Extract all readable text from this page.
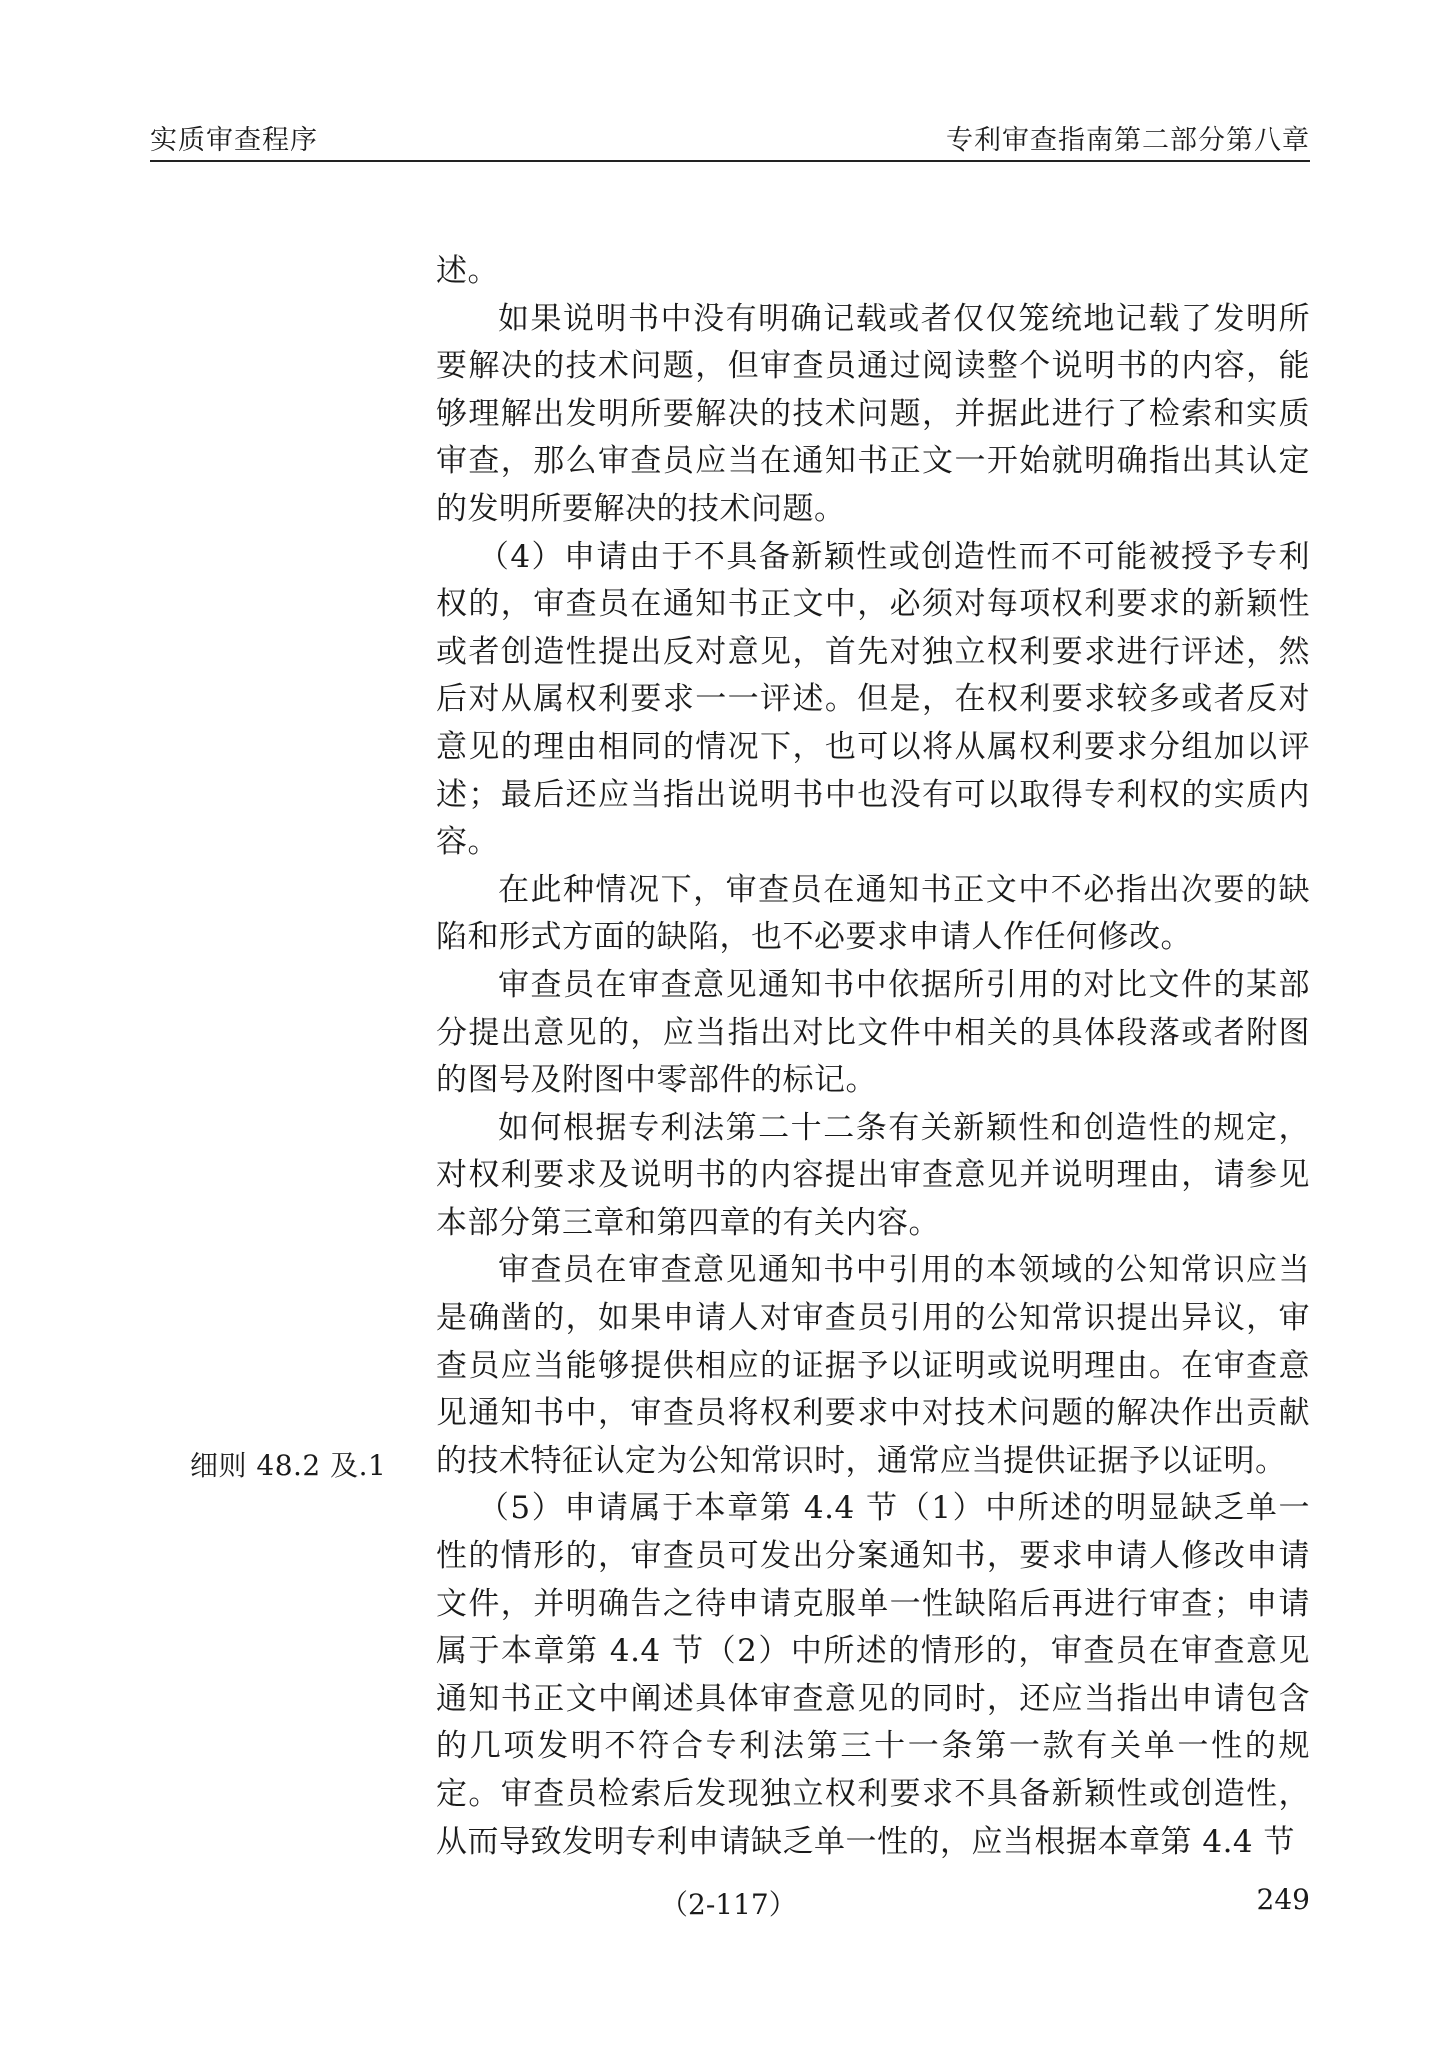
实质审查程序	专利审查指南第二部分第八章
细则 48.2 及.1

述。

如果说明书中没有明确记载或者仅仅笼统地记载了发明所要解决的技术问题，但审查员通过阅读整个说明书的内容，能够理解出发明所要解决的技术问题，并据此进行了检索和实质审查，那么审查员应当在通知书正文一开始就明确指出其认定的发明所要解决的技术问题。

（4）申请由于不具备新颖性或创造性而不可能被授予专利权的，审查员在通知书正文中，必须对每项权利要求的新颖性或者创造性提出反对意见，首先对独立权利要求进行评述，然后对从属权利要求一一评述。但是，在权利要求较多或者反对意见的理由相同的情况下，也可以将从属权利要求分组加以评述；最后还应当指出说明书中也没有可以取得专利权的实质内容。

在此种情况下，审查员在通知书正文中不必指出次要的缺陷和形式方面的缺陷，也不必要求申请人作任何修改。

审查员在审查意见通知书中依据所引用的对比文件的某部分提出意见的，应当指出对比文件中相关的具体段落或者附图的图号及附图中零部件的标记。

如何根据专利法第二十二条有关新颖性和创造性的规定，对权利要求及说明书的内容提出审查意见并说明理由，请参见本部分第三章和第四章的有关内容。

审查员在审查意见通知书中引用的本领域的公知常识应当是确凿的，如果申请人对审查员引用的公知常识提出异议，审查员应当能够提供相应的证据予以证明或说明理由。在审查意见通知书中，审查员将权利要求中对技术问题的解决作出贡献的技术特征认定为公知常识时，通常应当提供证据予以证明。

（5）申请属于本章第 4.4 节（1）中所述的明显缺乏单一性的情形的，审查员可发出分案通知书，要求申请人修改申请文件，并明确告之待申请克服单一性缺陷后再进行审查；申请属于本章第 4.4 节（2）中所述的情形的，审查员在审查意见通知书正文中阐述具体审查意见的同时，还应当指出申请包含的几项发明不符合专利法第三十一条第一款有关单一性的规定。审查员检索后发现独立权利要求不具备新颖性或创造性，从而导致发明专利申请缺乏单一性的，应当根据本章第 4.4 节

（2-117）	249
